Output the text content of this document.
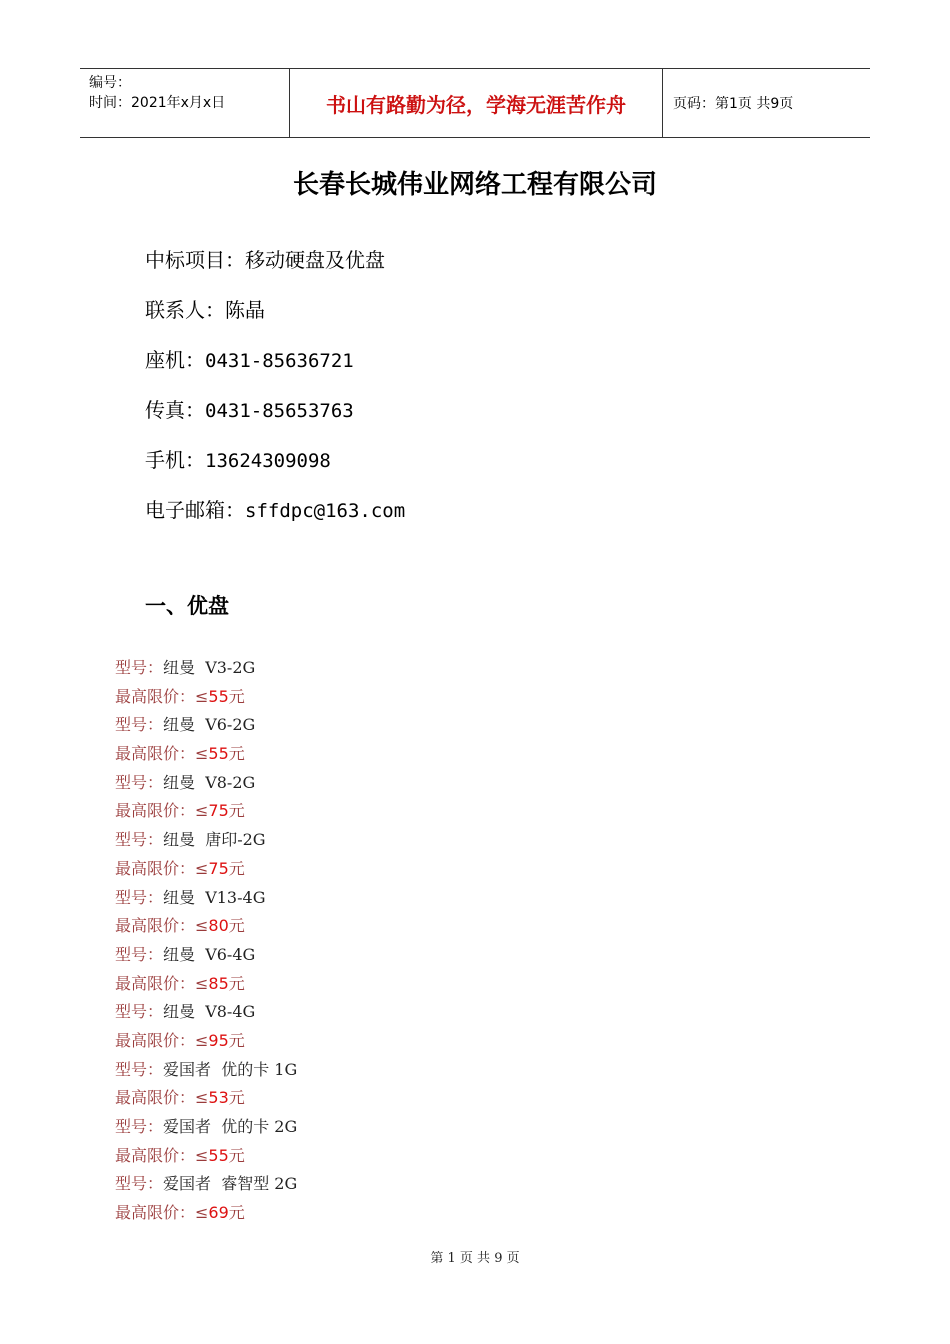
编号：
时间：2021年x月x日	书山有路勤为径，学海无涯苦作舟	页码：第1页 共9页
长春长城伟业网络工程有限公司
中标项目：移动硬盘及优盘
联系人：陈晶
座机：0431-85636721
传真：0431-85653763
手机：13624309098
电子邮箱：sffdpc@163.com
一、优盘
型号：纽曼  V3-2G
最高限价：≤55元
型号：纽曼  V6-2G
最高限价：≤55元
型号：纽曼  V8-2G
最高限价：≤75元
型号：纽曼  唐印-2G
最高限价：≤75元
型号：纽曼  V13-4G
最高限价：≤80元
型号：纽曼  V6-4G
最高限价：≤85元
型号：纽曼  V8-4G
最高限价：≤95元
型号：爱国者  优的卡 1G
最高限价：≤53元
型号：爱国者  优的卡 2G
最高限价：≤55元
型号：爱国者  睿智型 2G
最高限价：≤69元
第 1 页 共 9 页
